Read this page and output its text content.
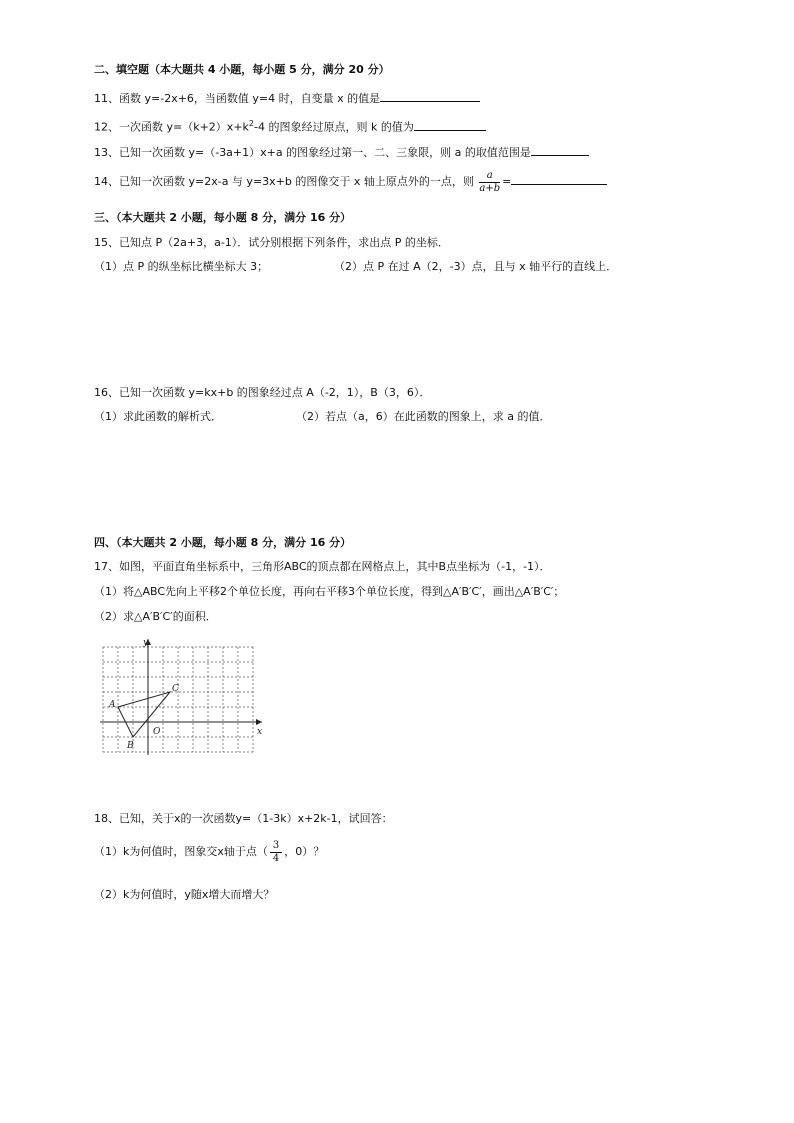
二、填空题（本大题共 4 小题，每小题 5 分，满分 20 分）
11、函数 y=-2x+6，当函数值 y=4 时，自变量 x 的值是
12、一次函数 $y=(k+2)x+k^2-4$ 的图象经过原点，则 k 的值为
13、已知一次函数 y=（-3a+1）x+a 的图象经过第一、二、三象限，则 a 的取值范围是
14、已知一次函数 y=2x-a 与 y=3x+b 的图像交于 x 轴上原点外的一点，则 $\frac{a}{a+b}$ =
三、（本大题共 2 小题，每小题 8 分，满分 16 分）
15、已知点 P（2a+3，a-1）．试分别根据下列条件，求出点 P 的坐标．
（1）点 P 的纵坐标比横坐标大 3；	（2）点 P 在过 A（2，-3）点，且与 x 轴平行的直线上．
16、已知一次函数 y=kx+b 的图象经过点 A（-2，1），B（3，6）．
（1）求此函数的解析式．	（2）若点（a，6）在此函数的图象上，求 a 的值．
四、（本大题共 2 小题，每小题 8 分，满分 16 分）
17、如图，平面直角坐标系中，三角形ABC的顶点都在网格点上，其中B点坐标为（-1，-1）．
（1）将△ABC先向上平移2个单位长度，再向右平移3个单位长度，得到△A′B′C′，画出△A′B′C′；
（2）求△A′B′C′的面积．
y
x
O
A
B
C
18、已知，关于x的一次函数y=（1-3k）x+2k-1，试回答：
（1）k为何值时，图象交x轴于点（ $\frac{3}{4}$ ，0）？
（2）k为何值时，y随x增大而增大？
